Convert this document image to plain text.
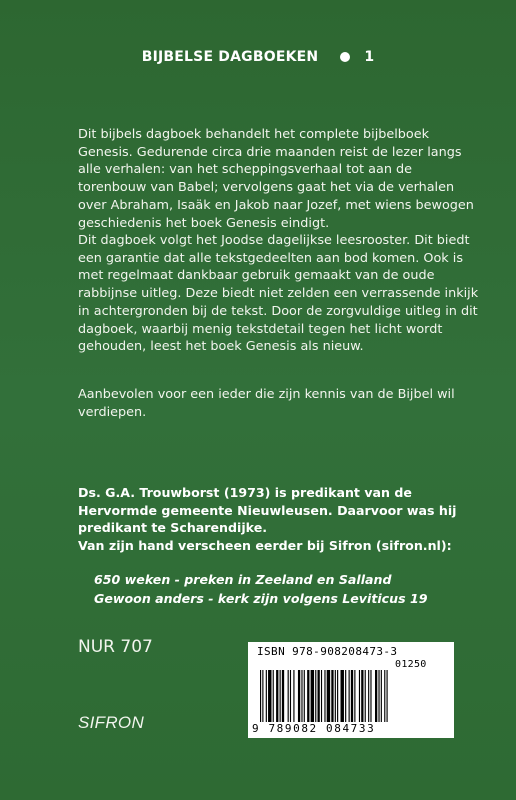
BIJBELSE DAGBOEKEN	1

Dit bijbels dagboek behandelt het complete bijbelboek Genesis. Gedurende circa drie maanden reist de lezer langs alle verhalen: van het scheppingsverhaal tot aan de torenbouw van Babel; vervolgens gaat het via de verhalen over Abraham, Isaäk en Jakob naar Jozef, met wiens bewogen geschiedenis het boek Genesis eindigt.

Dit dagboek volgt het Joodse dagelijkse leesrooster. Dit biedt een garantie dat alle tekstgedeelten aan bod komen. Ook is met regelmaat dankbaar gebruik gemaakt van de oude rabbijnse uitleg. Deze biedt niet zelden een verrassende inkijk in achtergronden bij de tekst. Door de zorgvuldige uitleg in dit dagboek, waarbij menig tekstdetail tegen het licht wordt gehouden, leest het boek Genesis als nieuw.

Aanbevolen voor een ieder die zijn kennis van de Bijbel wil verdiepen.

Ds. G.A. Trouwborst (1973) is predikant van de
Hervormde gemeente Nieuwleusen. Daarvoor was hij
predikant te Scharendijke.
Van zijn hand verscheen eerder bij Sifron (sifron.nl):
650 weken - preken in Zeeland en Salland
Gewoon anders - kerk zijn volgens Leviticus 19
NUR 707
SIFRON
ISBN 978-908208473-3
01250
9 789082 084733
